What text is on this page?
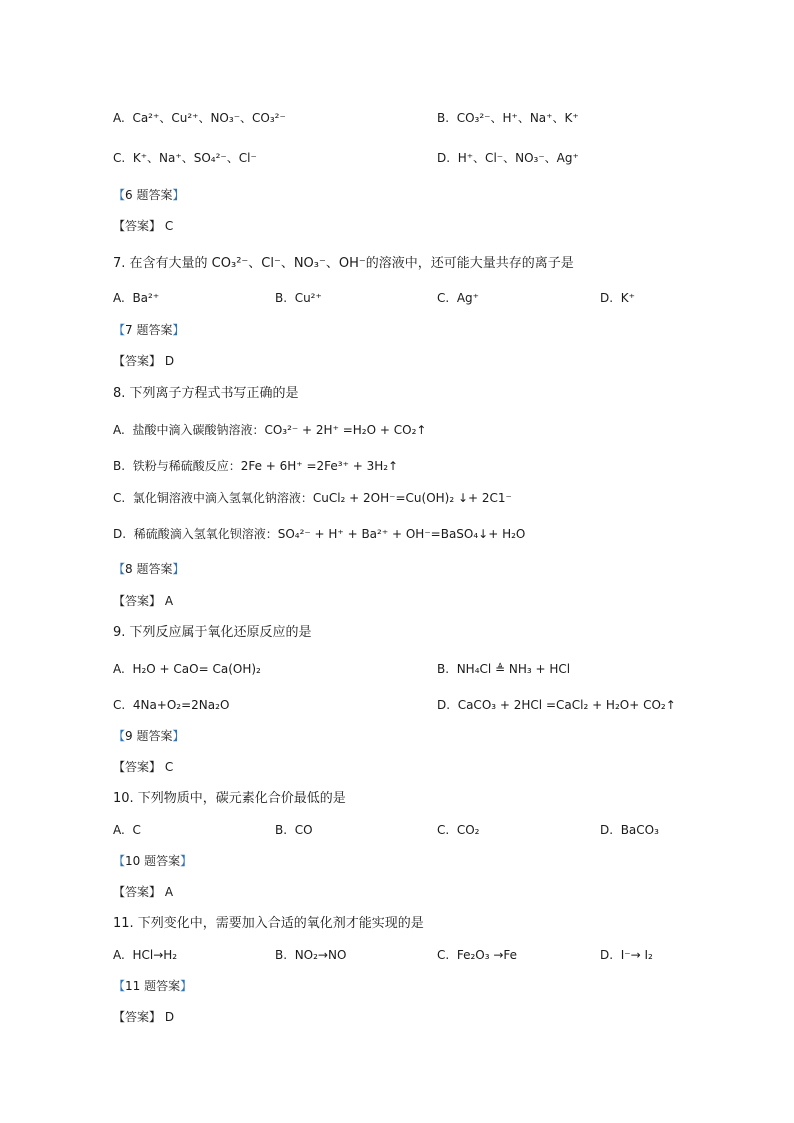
A. Ca²⁺、Cu²⁺、NO₃⁻、CO₃²⁻	B. CO₃²⁻、H⁺、Na⁺、K⁺
C. K⁺、Na⁺、SO₄²⁻、Cl⁻	D. H⁺、Cl⁻、NO₃⁻、Ag⁺
【6 题答案】
【答案】 C
7. 在含有大量的 CO₃²⁻、Cl⁻、NO₃⁻、OH⁻的溶液中，还可能大量共存的离子是
A. Ba²⁺	B. Cu²⁺	C. Ag⁺	D. K⁺
【7 题答案】
【答案】 D
8. 下列离子方程式书写正确的是
A. 盐酸中滴入碳酸钠溶液：CO₃²⁻ + 2H⁺ =H₂O + CO₂↑
B. 铁粉与稀硫酸反应：2Fe + 6H⁺ =2Fe³⁺ + 3H₂↑
C. 氯化铜溶液中滴入氢氧化钠溶液：CuCl₂ + 2OH⁻=Cu(OH)₂ ↓+ 2C1⁻
D. 稀硫酸滴入氢氧化钡溶液：SO₄²⁻ + H⁺ + Ba²⁺ + OH⁻=BaSO₄↓+ H₂O
【8 题答案】
【答案】 A
9. 下列反应属于氧化还原反应的是
A. H₂O + CaO= Ca(OH)₂	B. NH₄Cl ≜ NH₃ + HCl
C. 4Na+O₂=2Na₂O	D. CaCO₃ + 2HCl =CaCl₂ + H₂O+ CO₂↑
【9 题答案】
【答案】 C
10. 下列物质中，碳元素化合价最低的是
A. C	B. CO	C. CO₂	D. BaCO₃
【10 题答案】
【答案】 A
11. 下列变化中，需要加入合适的氧化剂才能实现的是
A. HCl→H₂	B. NO₂→NO	C. Fe₂O₃ →Fe	D. I⁻→ I₂
【11 题答案】
【答案】 D
